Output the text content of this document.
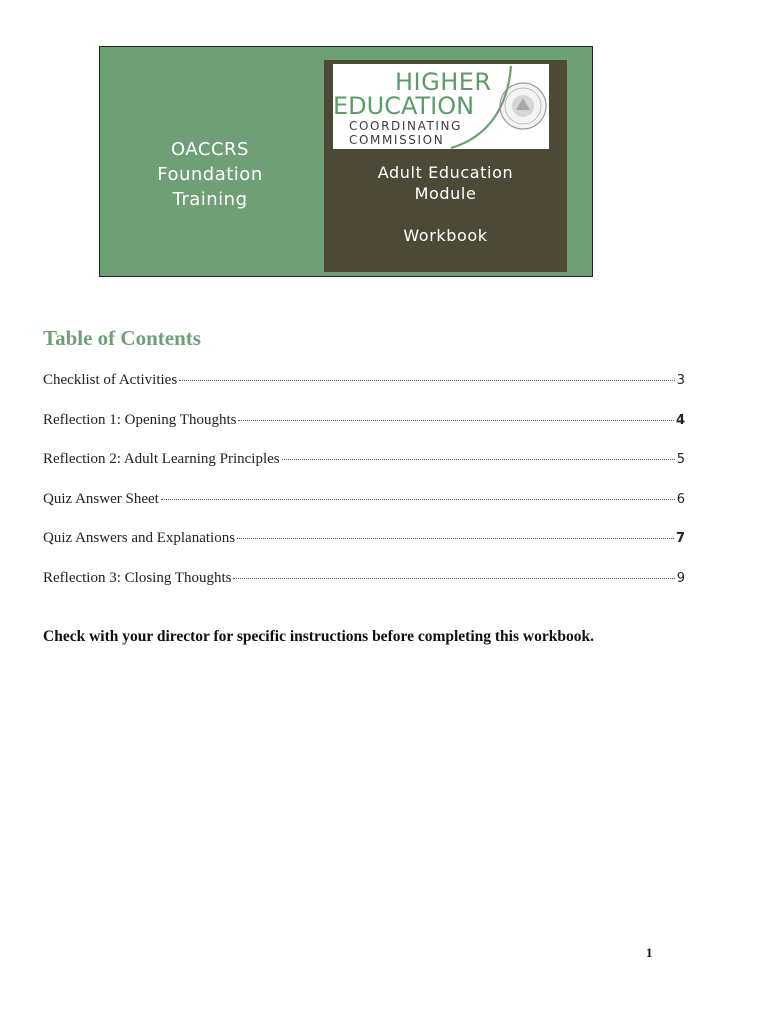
OACCRS
Foundation
Training
HIGHER
EDUCATION
COORDINATING
COMMISSION
Adult Education
Module
Workbook
Table of Contents
Checklist of Activities	3
Reflection 1: Opening Thoughts	4
Reflection 2: Adult Learning Principles	5
Quiz Answer Sheet	6
Quiz Answers and Explanations	7
Reflection 3: Closing Thoughts	9

Check with your director for specific instructions before completing this workbook.

1
